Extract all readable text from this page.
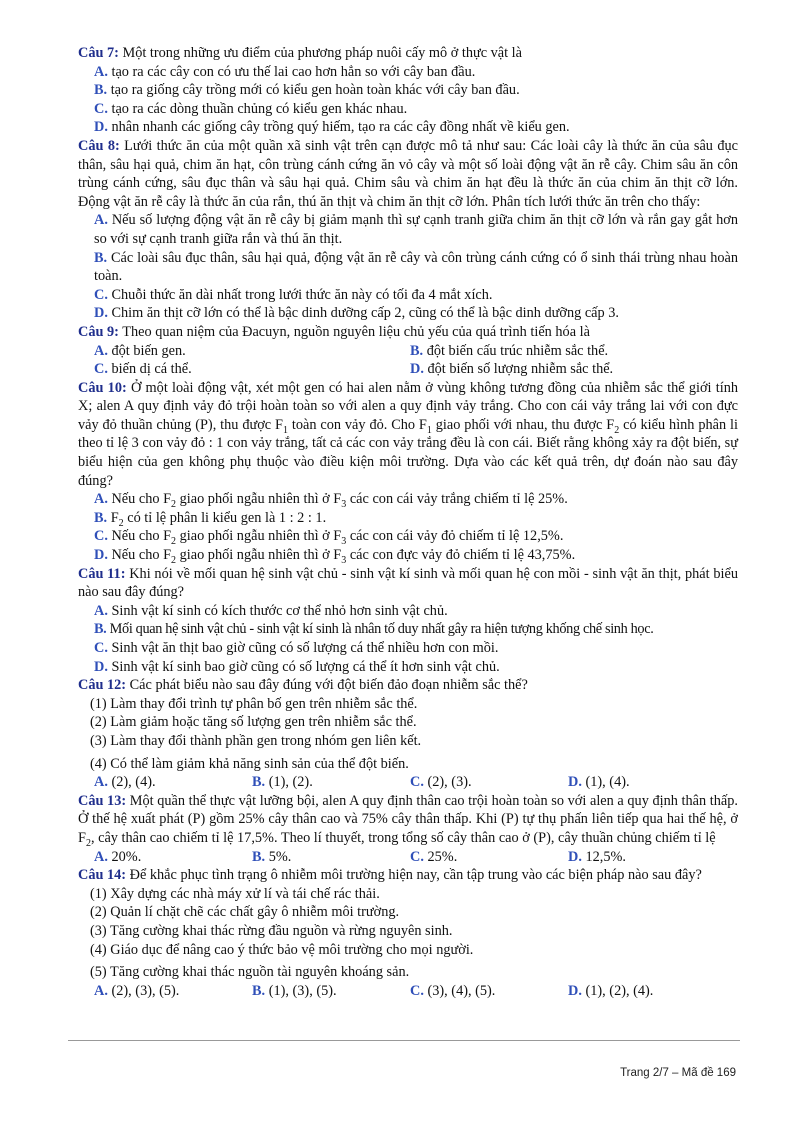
Câu 7: Một trong những ưu điểm của phương pháp nuôi cấy mô ở thực vật là
A. tạo ra các cây con có ưu thế lai cao hơn hẳn so với cây ban đầu.
B. tạo ra giống cây trồng mới có kiểu gen hoàn toàn khác với cây ban đầu.
C. tạo ra các dòng thuần chủng có kiểu gen khác nhau.
D. nhân nhanh các giống cây trồng quý hiếm, tạo ra các cây đồng nhất về kiểu gen.
Câu 8: Lưới thức ăn của một quần xã sinh vật trên cạn được mô tả như sau: Các loài cây là thức ăn của sâu đục thân, sâu hại quả, chim ăn hạt, côn trùng cánh cứng ăn vỏ cây và một số loài động vật ăn rễ cây. Chim sâu ăn côn trùng cánh cứng, sâu đục thân và sâu hại quả. Chim sâu và chim ăn hạt đều là thức ăn của chim ăn thịt cỡ lớn. Động vật ăn rễ cây là thức ăn của rắn, thú ăn thịt và chim ăn thịt cỡ lớn. Phân tích lưới thức ăn trên cho thấy:
A. Nếu số lượng động vật ăn rễ cây bị giảm mạnh thì sự cạnh tranh giữa chim ăn thịt cỡ lớn và rắn gay gắt hơn so với sự cạnh tranh giữa rắn và thú ăn thịt.
B. Các loài sâu đục thân, sâu hại quả, động vật ăn rễ cây và côn trùng cánh cứng có ổ sinh thái trùng nhau hoàn toàn.
C. Chuỗi thức ăn dài nhất trong lưới thức ăn này có tối đa 4 mắt xích.
D. Chim ăn thịt cỡ lớn có thể là bậc dinh dưỡng cấp 2, cũng có thể là bậc dinh dưỡng cấp 3.
Câu 9: Theo quan niệm của Đacuyn, nguồn nguyên liệu chủ yếu của quá trình tiến hóa là
A. đột biến gen.	B. đột biến cấu trúc nhiễm sắc thể.
C. biến dị cá thể.	D. đột biến số lượng nhiễm sắc thể.
Câu 10: Ở một loài động vật, xét một gen có hai alen nằm ở vùng không tương đồng của nhiễm sắc thể giới tính X; alen A quy định vảy đỏ trội hoàn toàn so với alen a quy định vảy trắng. Cho con cái vảy trắng lai với con đực vảy đỏ thuần chủng (P), thu được $F_1$ toàn con vảy đỏ. Cho $F_1$ giao phối với nhau, thu được $F_2$ có kiểu hình phân li theo tỉ lệ 3 con vảy đỏ : 1 con vảy trắng, tất cả các con vảy trắng đều là con cái. Biết rằng không xảy ra đột biến, sự biểu hiện của gen không phụ thuộc vào điều kiện môi trường. Dựa vào các kết quả trên, dự đoán nào sau đây đúng?
A. Nếu cho $F_2$ giao phối ngẫu nhiên thì ở $F_3$ các con cái vảy trắng chiếm tỉ lệ 25%.
B. $F_2$ có tỉ lệ phân li kiểu gen là 1 : 2 : 1.
C. Nếu cho $F_2$ giao phối ngẫu nhiên thì ở $F_3$ các con cái vảy đỏ chiếm tỉ lệ 12,5%.
D. Nếu cho $F_2$ giao phối ngẫu nhiên thì ở $F_3$ các con đực vảy đỏ chiếm tỉ lệ 43,75%.
Câu 11: Khi nói về mối quan hệ sinh vật chủ - sinh vật kí sinh và mối quan hệ con mồi - sinh vật ăn thịt, phát biểu nào sau đây đúng?
A. Sinh vật kí sinh có kích thước cơ thể nhỏ hơn sinh vật chủ.
B. Mối quan hệ sinh vật chủ - sinh vật kí sinh là nhân tố duy nhất gây ra hiện tượng khống chế sinh học.
C. Sinh vật ăn thịt bao giờ cũng có số lượng cá thể nhiều hơn con mồi.
D. Sinh vật kí sinh bao giờ cũng có số lượng cá thể ít hơn sinh vật chủ.
Câu 12: Các phát biểu nào sau đây đúng với đột biến đảo đoạn nhiễm sắc thể?
(1) Làm thay đổi trình tự phân bố gen trên nhiễm sắc thể.
(2) Làm giảm hoặc tăng số lượng gen trên nhiễm sắc thể.
(3) Làm thay đổi thành phần gen trong nhóm gen liên kết.
(4) Có thể làm giảm khả năng sinh sản của thể đột biến.
A. (2), (4).	B. (1), (2).	C. (2), (3).	D. (1), (4).
Câu 13: Một quần thể thực vật lưỡng bội, alen A quy định thân cao trội hoàn toàn so với alen a quy định thân thấp. Ở thế hệ xuất phát (P) gồm 25% cây thân cao và 75% cây thân thấp. Khi (P) tự thụ phấn liên tiếp qua hai thế hệ, ở $F_2$, cây thân cao chiếm tỉ lệ 17,5%. Theo lí thuyết, trong tổng số cây thân cao ở (P), cây thuần chủng chiếm tỉ lệ
A. 20%.	B. 5%.	C. 25%.	D. 12,5%.
Câu 14: Để khắc phục tình trạng ô nhiễm môi trường hiện nay, cần tập trung vào các biện pháp nào sau đây?
(1) Xây dựng các nhà máy xử lí và tái chế rác thải.
(2) Quản lí chặt chẽ các chất gây ô nhiễm môi trường.
(3) Tăng cường khai thác rừng đầu nguồn và rừng nguyên sinh.
(4) Giáo dục để nâng cao ý thức bảo vệ môi trường cho mọi người.
(5) Tăng cường khai thác nguồn tài nguyên khoáng sản.
A. (2), (3), (5).	B. (1), (3), (5).	C. (3), (4), (5).	D. (1), (2), (4).
Trang 2/7 – Mã đề 169
